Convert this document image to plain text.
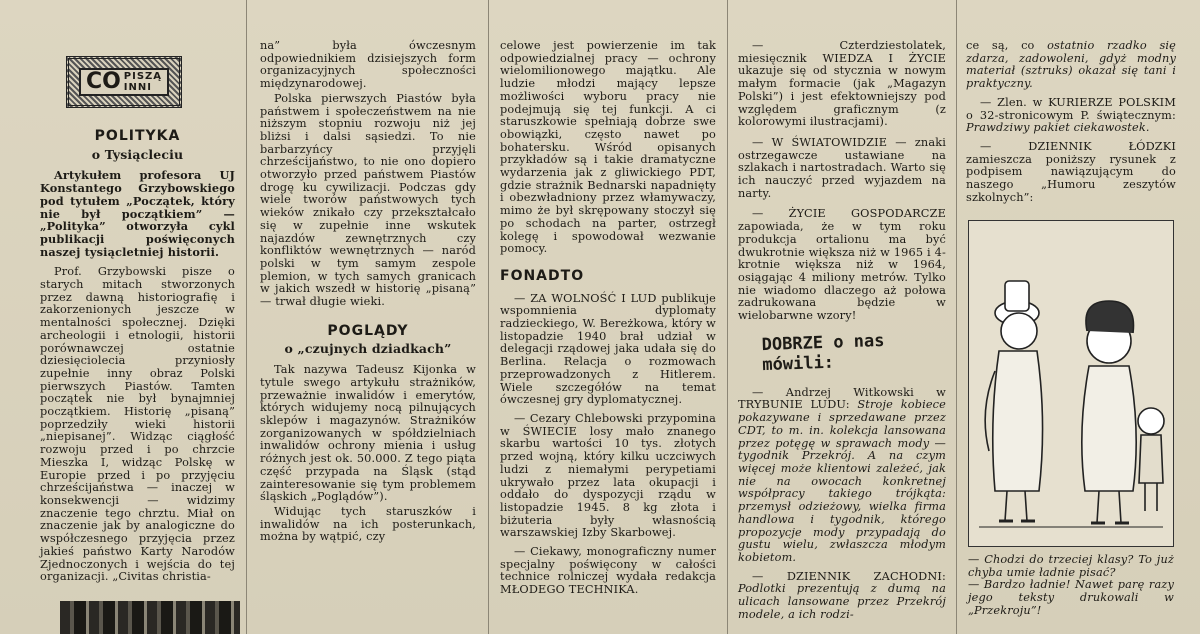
CO PISZĄ
INNI
POLITYKA
o Tysiącleciu

Artykułem profesora UJ Konstantego Grzybowskiego pod tytułem „Początek, który nie był początkiem” — „Polityka” otworzyła cykl publikacji poświęconych naszej tysiącletniej historii.

Prof. Grzybowski pisze o starych mitach stworzonych przez dawną historiografię i zakorzenionych jeszcze w mentalności społecznej. Dzięki archeologii i etnologii, historii porównawczej ostatnie dziesięciolecia przyniosły zupełnie inny obraz Polski pierwszych Piastów. Tamten początek nie był bynajmniej początkiem. Historię „pisaną” poprzedziły wieki historii „niepisanej”. Widząc ciągłość rozwoju przed i po chrzcie Mieszka I, widząc Polskę w Europie przed i po przyjęciu chrześcijaństwa — inaczej w konsekwencji — widzimy znaczenie tego chrztu. Miał on znaczenie jak by analogiczne do współczesnego przyjęcia przez jakieś państwo Karty Narodów Zjednoczonych i wejścia do tej organizacji. „Civitas christia-

na” była ówczesnym odpowiednikiem dzisiejszych form organizacyjnych społeczności międzynarodowej.

Polska pierwszych Piastów była państwem i społeczeństwem na nie niższym stopniu rozwoju niż jej bliżsi i dalsi sąsiedzi. To nie barbarzyńcy przyjęli chrześcijaństwo, to nie ono dopiero otworzyło przed państwem Piastów drogę ku cywilizacji. Podczas gdy wiele tworów państwowych tych wieków znikało czy przekształcało się w zupełnie inne wskutek najazdów zewnętrznych czy konfliktów wewnętrznych — naród polski w tym samym zespole plemion, w tych samych granicach w jakich wszedł w historię „pisaną” — trwał długie wieki.

POGLĄDY
o „czujnych dziadkach”

Tak nazywa Tadeusz Kijonka w tytule swego artykułu strażników, przeważnie inwalidów i emerytów, których widujemy nocą pilnujących sklepów i magazynów. Strażników zorganizowanych w spółdzielniach inwalidów ochrony mienia i usług różnych jest ok. 50.000. Z tego piąta część przypada na Śląsk (stąd zainteresowanie się tym problemem śląskich „Poglądów”).

Widując tych staruszków i inwalidów na ich posterunkach, można by wątpić, czy

celowe jest powierzenie im tak odpowiedzialnej pracy — ochrony wielomilionowego majątku. Ale ludzie młodzi mający lepsze możliwości wyboru pracy nie podejmują się tej funkcji. A ci staruszkowie spełniają dobrze swe obowiązki, często nawet po bohatersku. Wśród opisanych przykładów są i takie dramatyczne wydarzenia jak z gliwickiego PDT, gdzie strażnik Bednarski napadnięty i obezwładniony przez włamywaczy, mimo że był skrępowany stoczył się po schodach na parter, ostrzegł kolegę i spowodował wezwanie pomocy.

FONADTO

— ZA WOLNOŚĆ I LUD publikuje wspomnienia dyplomaty radzieckiego, W. Bereżkowa, który w listopadzie 1940 brał udział w delegacji rządowej jaka udała się do Berlina. Relacja o rozmowach przeprowadzonych z Hitlerem. Wiele szczegółów na temat ówczesnej gry dyplomatycznej.

— Cezary Chlebowski przypomina w ŚWIECIE losy mało znanego skarbu wartości 10 tys. złotych przed wojną, który kilku uczciwych ludzi z niemałymi perypetiami ukrywało przez lata okupacji i oddało do dyspozycji rządu w listopadzie 1945. 8 kg złota i biżuteria były własnością warszawskiej Izby Skarbowej.

— Ciekawy, monograficzny numer specjalny poświęcony w całości technice rolniczej wydała redakcja MŁODEGO TECHNIKA.

— Czterdziestolatek, miesięcznik WIEDZA I ŻYCIE ukazuje się od stycznia w nowym małym formacie (jak „Magazyn Polski”) i jest efektowniejszy pod względem graficznym (z kolorowymi ilustracjami).

— W ŚWIATOWIDZIE — znaki ostrzegawcze ustawiane na szlakach i nartostradach. Warto się ich nauczyć przed wyjazdem na narty.

— ŻYCIE GOSPODARCZE zapowiada, że w tym roku produkcja ortalionu ma być dwukrotnie większa niż w 1965 i 4-krotnie większa niż w 1964, osiągając 4 miliony metrów. Tylko nie wiadomo dlaczego aż połowa zadrukowana będzie w wielobarwne wzory!

— Andrzej Witkowski w TRYBUNIE LUDU: Stroje kobiece pokazywane i sprzedawane przez CDT, to m. in. kolekcja lansowana przez potęgę w sprawach mody — tygodnik Przekrój. A na czym więcej może klientowi zależeć, jak nie na owocach konkretnej współpracy takiego trójkąta: przemysł odzieżowy, wielka firma handlowa i tygodnik, którego propozycje mody przypadają do gustu wielu, zwłaszcza młodym kobietom.

— DZIENNIK ZACHODNI: Podlotki prezentują z dumą na ulicach lansowane przez Przekrój modele, a ich rodzi-

DOBRZE o nas
mówili:

ce są, co ostatnio rzadko się zdarza, zadowoleni, gdyż modny materiał (sztruks) okazał się tani i praktyczny.

— Zlen. w KURIERZE POLSKIM o 32-stronicowym P. świątecznym: Prawdziwy pakiet ciekawostek.

— DZIENNIK ŁÓDZKI zamieszcza poniższy rysunek z podpisem nawiązującym do naszego „Humoru zeszytów szkolnych”:

— Chodzi do trzeciej klasy? To już chyba umie ładnie pisać?
— Bardzo ładnie! Nawet parę razy jego teksty drukowali w „Przekroju”!
